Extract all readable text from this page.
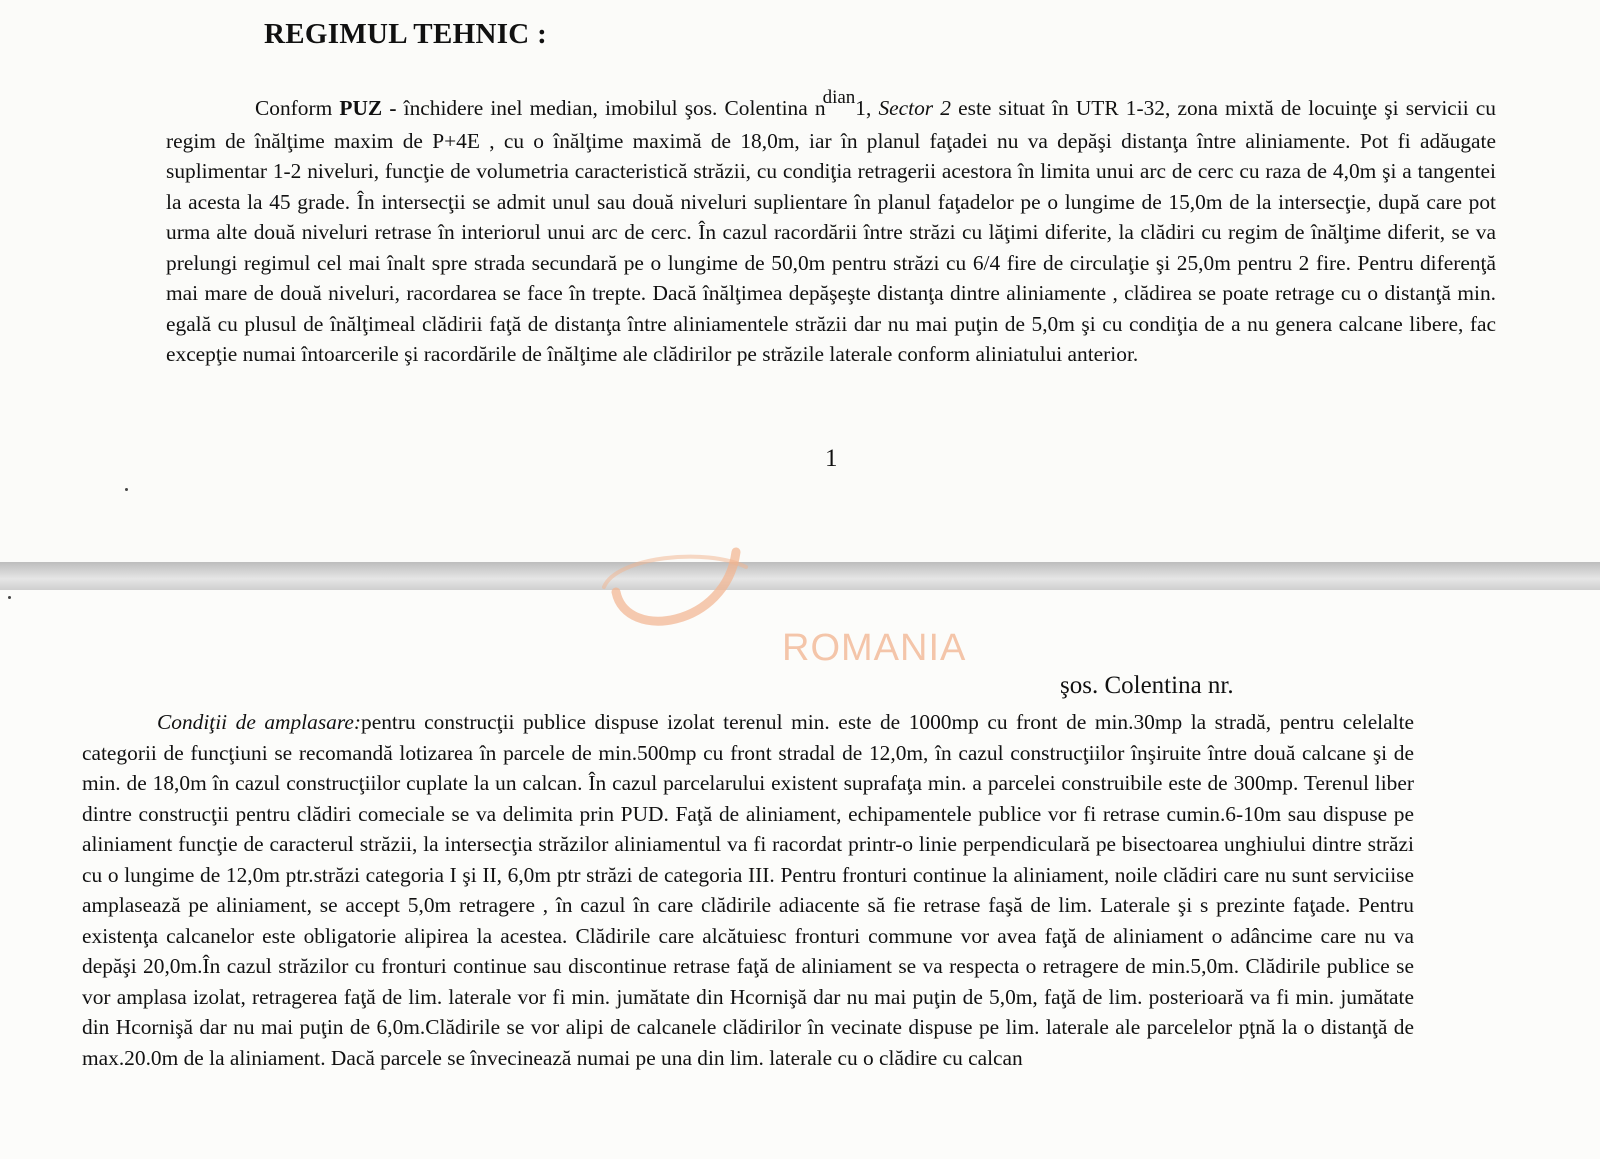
REGIMUL TEHNIC :

Conform PUZ - închidere inel median, imobilul şos. Colentina ndian1, Sector 2 este situat în UTR 1-32, zona mixtă de locuinţe şi servicii cu regim de înălţime maxim de P+4E , cu o înălţime maximă de 18,0m, iar în planul faţadei nu va depăşi distanţa între aliniamente. Pot fi adăugate suplimentar 1-2 niveluri, funcţie de volumetria caracteristică străzii, cu condiţia retragerii acestora în limita unui arc de cerc cu raza de 4,0m şi a tangentei la acesta la 45 grade. În intersecţii se admit unul sau două niveluri suplientare în planul faţadelor pe o lungime de 15,0m de la intersecţie, după care pot urma alte două niveluri retrase în interiorul unui arc de cerc. În cazul racordării între străzi cu lăţimi diferite, la clădiri cu regim de înălţime diferit, se va prelungi regimul cel mai înalt spre strada secundară pe o lungime de 50,0m pentru străzi cu 6/4 fire de circulaţie şi 25,0m pentru 2 fire. Pentru diferenţă mai mare de două niveluri, racordarea se face în trepte. Dacă înălţimea depăşeşte distanţa dintre aliniamente , clădirea se poate retrage cu o distanţă min. egală cu plusul de înălţimeal clădirii faţă de distanţa între aliniamentele străzii dar nu mai puţin de 5,0m şi cu condiţia de a nu genera calcane libere, fac excepţie numai întoarcerile şi racordările de înălţime ale clădirilor pe străzile laterale conform aliniatului anterior.

1

şos. Colentina nr.

Condiţii de amplasare:pentru construcţii publice dispuse izolat terenul min. este de 1000mp cu front de min.30mp la stradă, pentru celelalte categorii de funcţiuni se recomandă lotizarea în parcele de min.500mp cu front stradal de 12,0m, în cazul construcţiilor înşiruite între două calcane şi de min. de 18,0m în cazul construcţiilor cuplate la un calcan. În cazul parcelarului existent suprafaţa min. a parcelei construibile este de 300mp. Terenul liber dintre construcţii pentru clădiri comeciale se va delimita prin PUD. Faţă de aliniament, echipamentele publice vor fi retrase cumin.6-10m sau dispuse pe aliniament funcţie de caracterul străzii, la intersecţia străzilor aliniamentul va fi racordat printr-o linie perpendiculară pe bisectoarea unghiului dintre străzi cu o lungime de 12,0m ptr.străzi categoria I şi II, 6,0m ptr străzi de categoria III. Pentru fronturi continue la aliniament, noile clădiri care nu sunt serviciise amplasează pe aliniament, se accept 5,0m retragere , în cazul în care clădirile adiacente să fie retrase faşă de lim. Laterale şi s prezinte faţade. Pentru existenţa calcanelor este obligatorie alipirea la acestea. Clădirile care alcătuiesc fronturi commune vor avea faţă de aliniament o adâncime care nu va depăşi 20,0m.În cazul străzilor cu fronturi continue sau discontinue retrase faţă de aliniament se va respecta o retragere de min.5,0m. Clădirile publice se vor amplasa izolat, retragerea faţă de lim. laterale vor fi min. jumătate din Hcornişă dar nu mai puţin de 5,0m, faţă de lim. posterioară va fi min. jumătate din Hcornişă dar nu mai puţin de 6,0m.Clădirile se vor alipi de calcanele clădirilor în vecinate dispuse pe lim. laterale ale parcelelor pţnă la o distanţă de max.20.0m de la aliniament. Dacă parcele se învecinează numai pe una din lim. laterale cu o clădire cu calcan

ROMANIA
